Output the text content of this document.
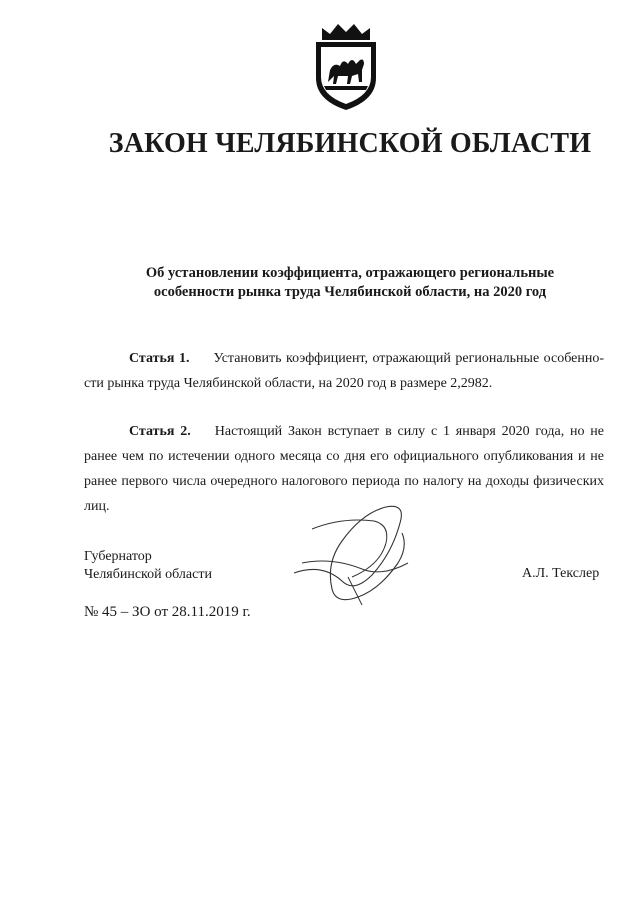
ЗАКОН ЧЕЛЯБИНСКОЙ ОБЛАСТИ
Об установлении коэффициента, отражающего региональные
особенности рынка труда Челябинской области, на 2020 год
Статья 1. Установить коэффициент, отражающий региональные особенно-сти рынка труда Челябинской области, на 2020 год в размере 2,2982.
Статья 2. Настоящий Закон вступает в силу с 1 января 2020 года, но не ранее чем по истечении одного месяца со дня его официального опубликования и не ранее первого числа очередного налогового периода по налогу на доходы физических лиц.
Губернатор
Челябинской области	А.Л. Текслер
№ 45 – ЗО от 28.11.2019 г.
